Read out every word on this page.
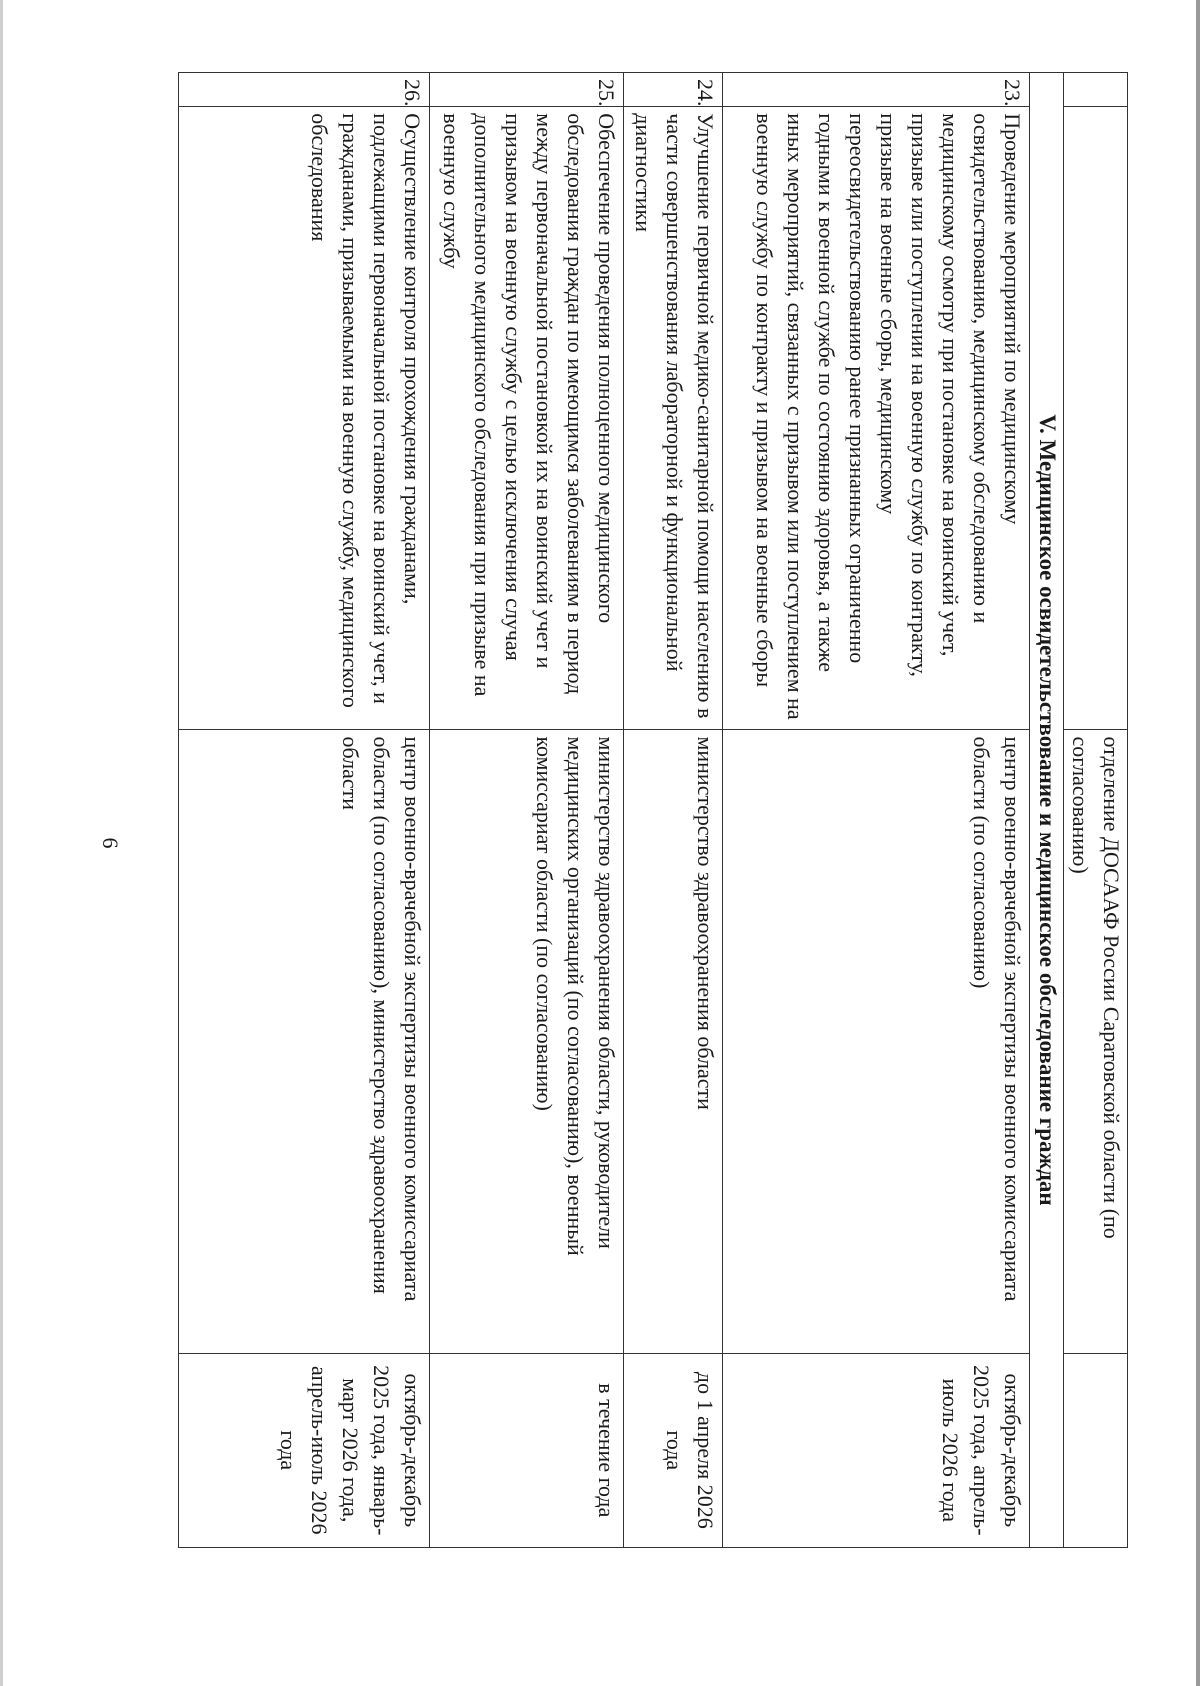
6
			отделение ДОСААФ России Саратовской области (по согласованию)	
V. Медицинское освидетельствование и медицинское обследование граждан			
23.	Проведение мероприятий по медицинскому освидетельствованию, медицинскому обследованию и медицинскому осмотру при постановке на воинский учет, призыве или поступлении на военную службу по контракту, призыве на военные сборы, медицинскому переосвидетельствованию ранее признанных ограниченно годными к военной службе по состоянию здоровья, а также иных мероприятий, связанных с призывом или поступлением на военную службу по контракту и призывом на военные сборы	центр военно-врачебной экспертизы военного комиссариата области (по согласованию)	октябрь-декабрь 2025 года, апрель-июль 2026 года
24.	Улучшение первичной медико-санитарной помощи населению в части совершенствования лабораторной и функциональной диагностики	министерство здравоохранения области	до 1 апреля 2026 года
25.	Обеспечение проведения полноценного медицинского обследования граждан по имеющимся заболеваниям в период между первоначальной постановкой их на воинский учет и призывом на военную службу с целью исключения случая дополнительного медицинского обследования при призыве на военную службу	министерство здравоохранения области, руководители медицинских организаций (по согласованию), военный комиссариат области (по согласованию)	в течение года
26.	Осуществление контроля прохождения гражданами, подлежащими первоначальной постановке на воинский учет, и гражданами, призываемыми на военную службу, медицинского обследования	центр военно-врачебной экспертизы военного комиссариата области (по согласованию), министерство здравоохранения области	октябрь-декабрь 2025 года, январь-март 2026 года, апрель-июль 2026 года
